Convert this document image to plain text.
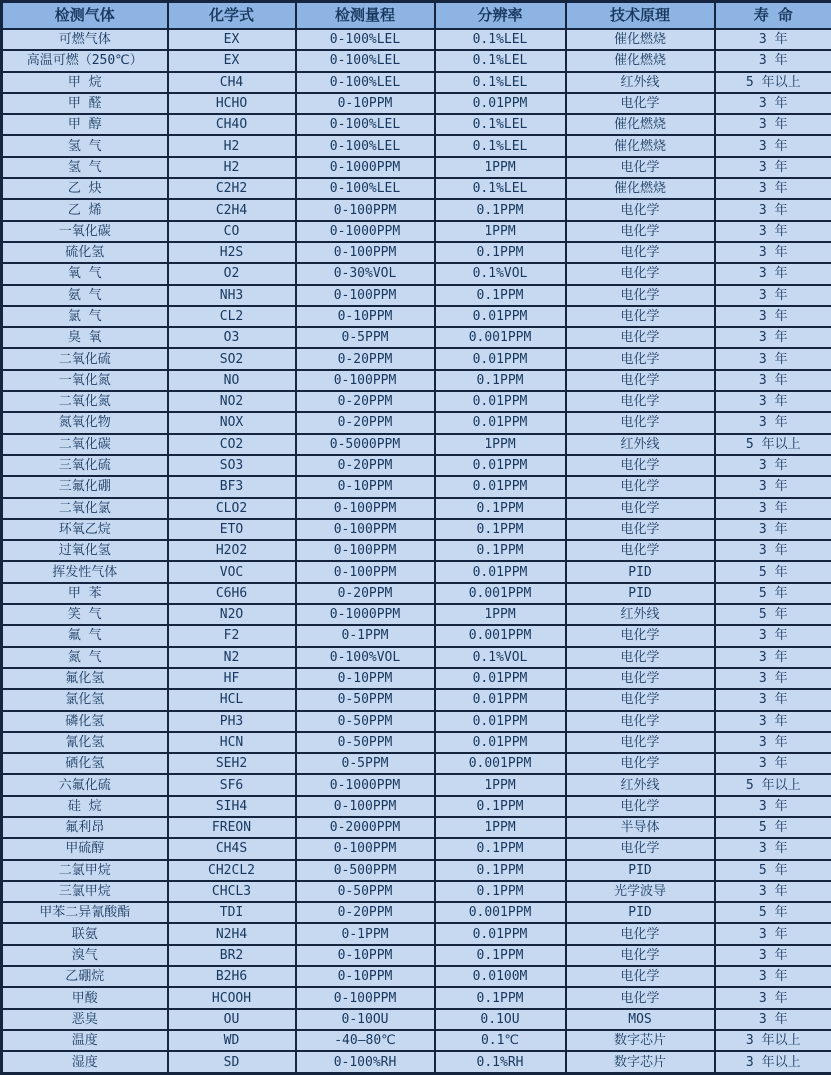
检测气体	化学式	检测量程	分辨率	技术原理	寿 命
可燃气体	EX	0-100%LEL	0.1%LEL	催化燃烧	3 年
高温可燃（250℃）	EX	0-100%LEL	0.1%LEL	催化燃烧	3 年
甲 烷	CH4	0-100%LEL	0.1%LEL	红外线	5 年以上
甲 醛	HCHO	0-10PPM	0.01PPM	电化学	3 年
甲 醇	CH4O	0-100%LEL	0.1%LEL	催化燃烧	3 年
氢 气	H2	0-100%LEL	0.1%LEL	催化燃烧	3 年
氢 气	H2	0-1000PPM	1PPM	电化学	3 年
乙 炔	C2H2	0-100%LEL	0.1%LEL	催化燃烧	3 年
乙 烯	C2H4	0-100PPM	0.1PPM	电化学	3 年
一氧化碳	CO	0-1000PPM	1PPM	电化学	3 年
硫化氢	H2S	0-100PPM	0.1PPM	电化学	3 年
氧 气	O2	0-30%VOL	0.1%VOL	电化学	3 年
氨 气	NH3	0-100PPM	0.1PPM	电化学	3 年
氯 气	CL2	0-10PPM	0.01PPM	电化学	3 年
臭 氧	O3	0-5PPM	0.001PPM	电化学	3 年
二氧化硫	SO2	0-20PPM	0.01PPM	电化学	3 年
一氧化氮	NO	0-100PPM	0.1PPM	电化学	3 年
二氧化氮	NO2	0-20PPM	0.01PPM	电化学	3 年
氮氧化物	NOX	0-20PPM	0.01PPM	电化学	3 年
二氧化碳	CO2	0-5000PPM	1PPM	红外线	5 年以上
三氧化硫	SO3	0-20PPM	0.01PPM	电化学	3 年
三氟化硼	BF3	0-10PPM	0.01PPM	电化学	3 年
二氧化氯	CLO2	0-100PPM	0.1PPM	电化学	3 年
环氧乙烷	ETO	0-100PPM	0.1PPM	电化学	3 年
过氧化氢	H2O2	0-100PPM	0.1PPM	电化学	3 年
挥发性气体	VOC	0-100PPM	0.01PPM	PID	5 年
甲 苯	C6H6	0-20PPM	0.001PPM	PID	5 年
笑 气	N2O	0-1000PPM	1PPM	红外线	5 年
氟 气	F2	0-1PPM	0.001PPM	电化学	3 年
氮 气	N2	0-100%VOL	0.1%VOL	电化学	3 年
氟化氢	HF	0-10PPM	0.01PPM	电化学	3 年
氯化氢	HCL	0-50PPM	0.01PPM	电化学	3 年
磷化氢	PH3	0-50PPM	0.01PPM	电化学	3 年
氰化氢	HCN	0-50PPM	0.01PPM	电化学	3 年
硒化氢	SEH2	0-5PPM	0.001PPM	电化学	3 年
六氟化硫	SF6	0-1000PPM	1PPM	红外线	5 年以上
硅 烷	SIH4	0-100PPM	0.1PPM	电化学	3 年
氟利昂	FREON	0-2000PPM	1PPM	半导体	5 年
甲硫醇	CH4S	0-100PPM	0.1PPM	电化学	3 年
二氯甲烷	CH2CL2	0-500PPM	0.1PPM	PID	5 年
三氯甲烷	CHCL3	0-50PPM	0.1PPM	光学波导	3 年
甲苯二异氰酸酯	TDI	0-20PPM	0.001PPM	PID	5 年
联氨	N2H4	0-1PPM	0.01PPM	电化学	3 年
溴气	BR2	0-10PPM	0.1PPM	电化学	3 年
乙硼烷	B2H6	0-10PPM	0.0100M	电化学	3 年
甲酸	HCOOH	0-100PPM	0.1PPM	电化学	3 年
恶臭	OU	0-10OU	0.1OU	MOS	3 年
温度	WD	-40—80℃	0.1℃	数字芯片	3 年以上
湿度	SD	0-100%RH	0.1%RH	数字芯片	3 年以上
